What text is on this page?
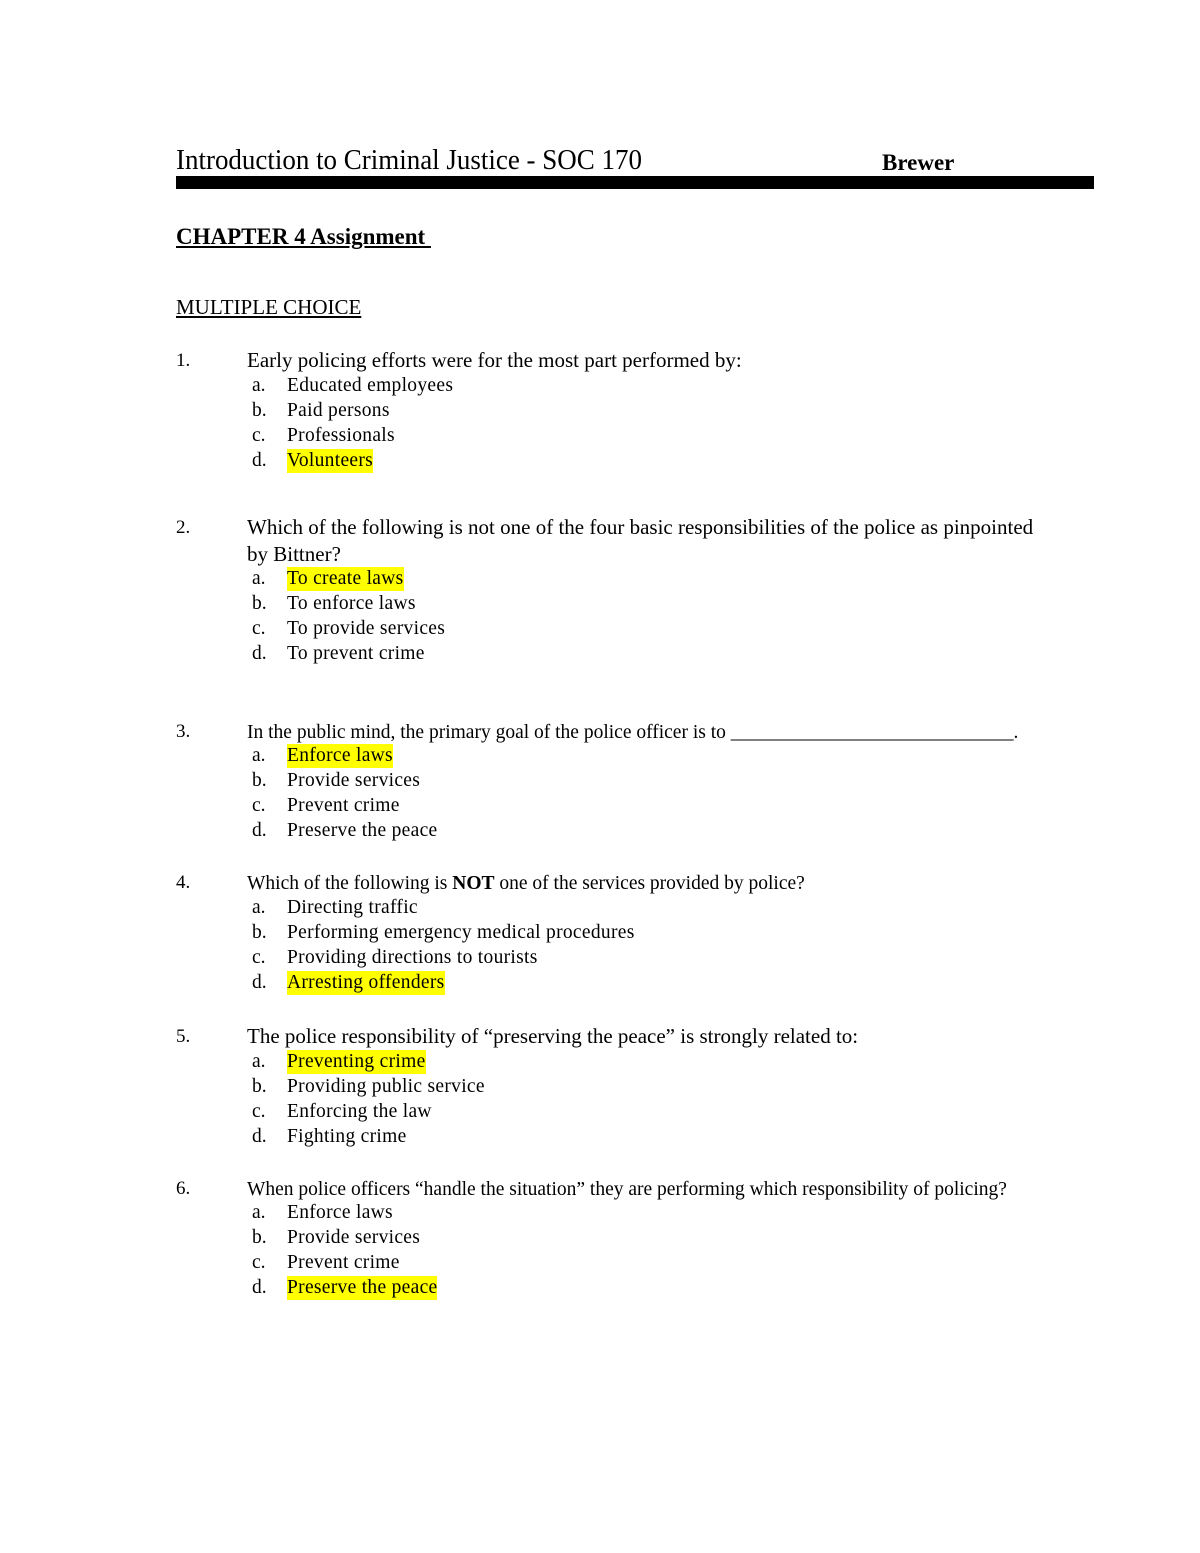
Introduction to Criminal Justice - SOC 170	Brewer
CHAPTER 4 Assignment
MULTIPLE CHOICE
1.	Early policing efforts were for the most part performed by:
a. Educated employees
b. Paid persons
c. Professionals
d. Volunteers
2.	Which of the following is not one of the four basic responsibilities of the police as pinpointed by Bittner?
a. To create laws
b. To enforce laws
c. To provide services
d. To prevent crime
3.	In the public mind, the primary goal of the police officer is to _____________________________.
a. Enforce laws
b. Provide services
c. Prevent crime
d. Preserve the peace
4.	Which of the following is NOT one of the services provided by police?
a. Directing traffic
b. Performing emergency medical procedures
c. Providing directions to tourists
d. Arresting offenders
5.	The police responsibility of “preserving the peace” is strongly related to:
a. Preventing crime
b. Providing public service
c. Enforcing the law
d. Fighting crime
6.	When police officers “handle the situation” they are performing which responsibility of policing?
a. Enforce laws
b. Provide services
c. Prevent crime
d. Preserve the peace
